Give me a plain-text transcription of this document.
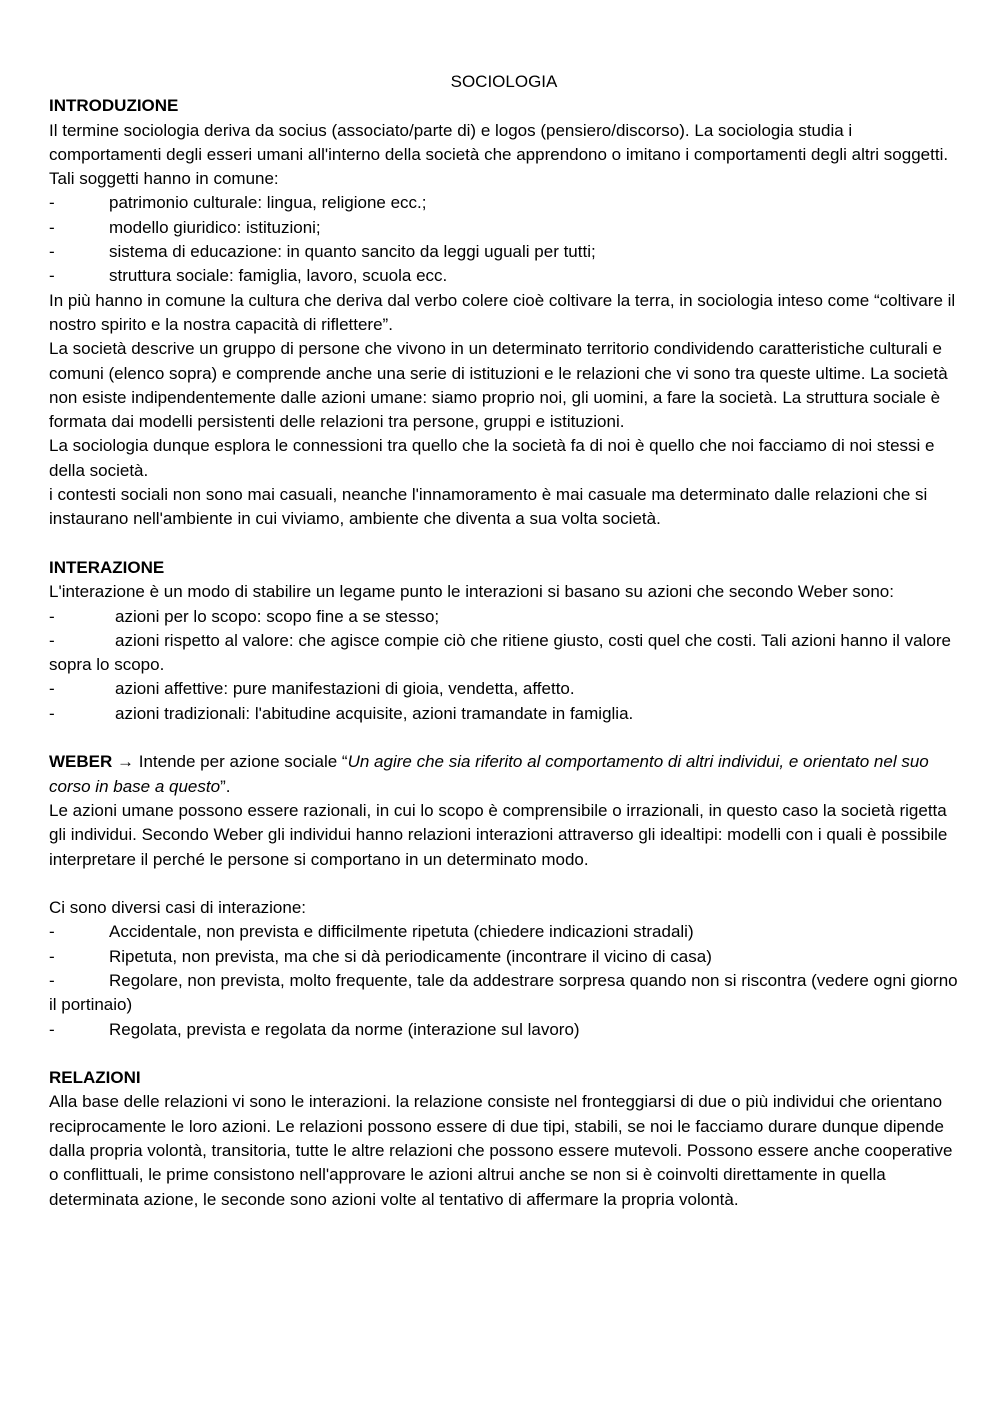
SOCIOLOGIA

INTRODUZIONE

Il termine sociologia deriva da socius (associato/parte di) e logos (pensiero/discorso). La sociologia studia i comportamenti degli esseri umani all'interno della società che apprendono o imitano i comportamenti degli altri soggetti.

Tali soggetti hanno in comune:

-	patrimonio culturale: lingua, religione ecc.;
-	modello giuridico: istituzioni;
-	sistema di educazione: in quanto sancito da leggi uguali per tutti;
-	struttura sociale: famiglia, lavoro, scuola ecc.

In più hanno in comune la cultura che deriva dal verbo colere cioè coltivare la terra, in sociologia inteso come “coltivare il nostro spirito e la nostra capacità di riflettere”.

La società descrive un gruppo di persone che vivono in un determinato territorio condividendo caratteristiche culturali e comuni (elenco sopra) e comprende anche una serie di istituzioni e le relazioni che vi sono tra queste ultime. La società non esiste indipendentemente dalle azioni umane: siamo proprio noi, gli uomini, a fare la società. La struttura sociale è formata dai modelli persistenti delle relazioni tra persone, gruppi e istituzioni.

La sociologia dunque esplora le connessioni tra quello che la società fa di noi è quello che noi facciamo di noi stessi e della società.

i contesti sociali non sono mai casuali, neanche l'innamoramento è mai casuale ma determinato dalle relazioni che si instaurano nell'ambiente in cui viviamo, ambiente che diventa a sua volta società.

INTERAZIONE

L'interazione è un modo di stabilire un legame punto le interazioni si basano su azioni che secondo Weber sono:

-	azioni per lo scopo: scopo fine a se stesso;
-	azioni rispetto al valore: che agisce compie ciò che ritiene giusto, costi quel che costi. Tali azioni hanno il valore sopra lo scopo.
-	azioni affettive: pure manifestazioni di gioia, vendetta, affetto.
-	azioni tradizionali: l'abitudine acquisite, azioni tramandate in famiglia.

WEBER → Intende per azione sociale “Un agire che sia riferito al comportamento di altri individui, e orientato nel suo corso in base a questo”.

Le azioni umane possono essere razionali, in cui lo scopo è comprensibile o irrazionali, in questo caso la società rigetta gli individui. Secondo Weber gli individui hanno relazioni interazioni attraverso gli idealtipi: modelli con i quali è possibile interpretare il perché le persone si comportano in un determinato modo.

Ci sono diversi casi di interazione:

-	Accidentale, non prevista e difficilmente ripetuta (chiedere indicazioni stradali)
-	Ripetuta, non prevista, ma che si dà periodicamente (incontrare il vicino di casa)
-	Regolare, non prevista, molto frequente, tale da addestrare sorpresa quando non si riscontra (vedere ogni giorno il portinaio)
-	Regolata, prevista e regolata da norme (interazione sul lavoro)

RELAZIONI

Alla base delle relazioni vi sono le interazioni. la relazione consiste nel fronteggiarsi di due o più individui che orientano reciprocamente le loro azioni. Le relazioni possono essere di due tipi, stabili, se noi le facciamo durare dunque dipende dalla propria volontà, transitoria, tutte le altre relazioni che possono essere mutevoli. Possono essere anche cooperative o conflittuali, le prime consistono nell'approvare le azioni altrui anche se non si è coinvolti direttamente in quella determinata azione, le seconde sono azioni volte al tentativo di affermare la propria volontà.
